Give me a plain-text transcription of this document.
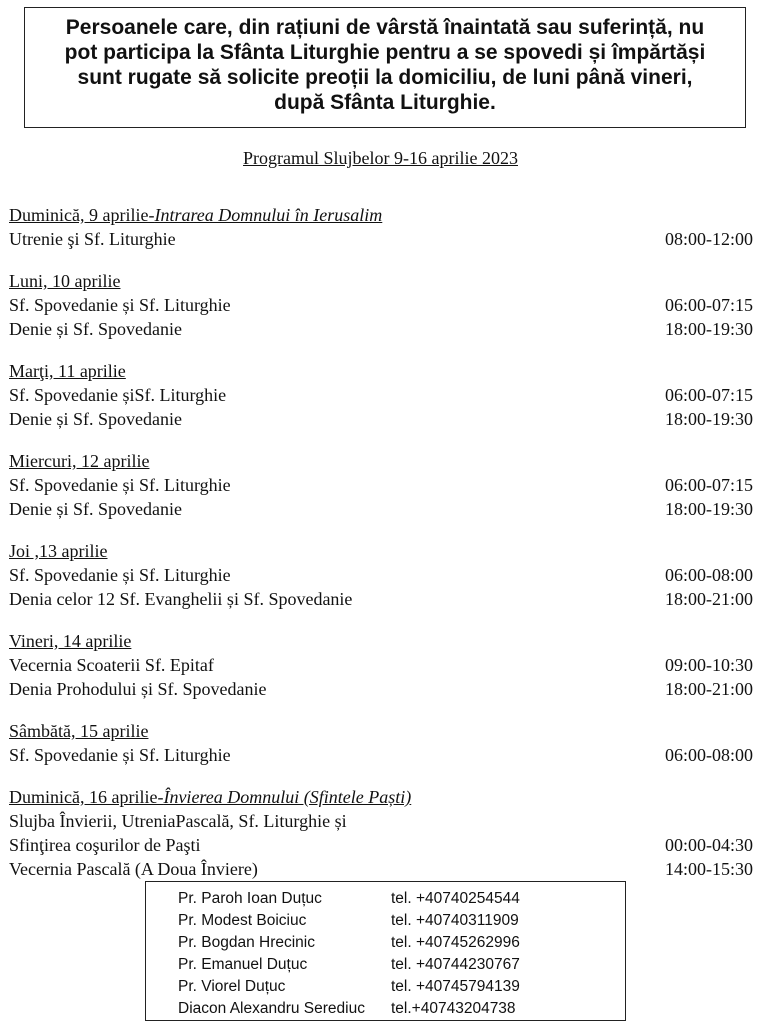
Persoanele care, din rațiuni de vârstă înaintată sau suferință, nu
pot participa la Sfânta Liturghie pentru a se spovedi și împărtăși
sunt rugate să solicite preoții la domiciliu, de luni până vineri,
după Sfânta Liturghie.
Programul Slujbelor 9-16 aprilie 2023
Duminică, 9 aprilie-Intrarea Domnului în Ierusalim
Utrenie şi Sf. Liturghie	08:00-12:00
Luni, 10 aprilie
Sf. Spovedanie și Sf. Liturghie	06:00-07:15
Denie și Sf. Spovedanie	18:00-19:30
Marţi, 11 aprilie
Sf. Spovedanie șiSf. Liturghie	06:00-07:15
Denie și Sf. Spovedanie	18:00-19:30
Miercuri, 12 aprilie
Sf. Spovedanie și Sf. Liturghie	06:00-07:15
Denie și Sf. Spovedanie	18:00-19:30
Joi ,13 aprilie
Sf. Spovedanie și Sf. Liturghie	06:00-08:00
Denia celor 12 Sf. Evanghelii și Sf. Spovedanie	18:00-21:00
Vineri, 14 aprilie
Vecernia Scoaterii Sf. Epitaf	09:00-10:30
Denia Prohodului și Sf. Spovedanie	18:00-21:00
Sâmbătă, 15 aprilie
Sf. Spovedanie și Sf. Liturghie	06:00-08:00
Duminică, 16 aprilie-Învierea Domnului (Sfintele Paști)
Slujba Învierii, UtreniaPascală, Sf. Liturghie și
Sfinţirea coşurilor de Paşti	00:00-04:30
Vecernia Pascală (A Doua Înviere)	14:00-15:30
Pr. Paroh Ioan Duțuc	tel. +40740254544
Pr. Modest Boiciuc	tel. +40740311909
Pr. Bogdan Hrecinic	tel. +40745262996
Pr. Emanuel Duțuc	tel. +40744230767
Pr. Viorel Duțuc	tel. +40745794139
Diacon Alexandru Serediuc	tel.+40743204738
